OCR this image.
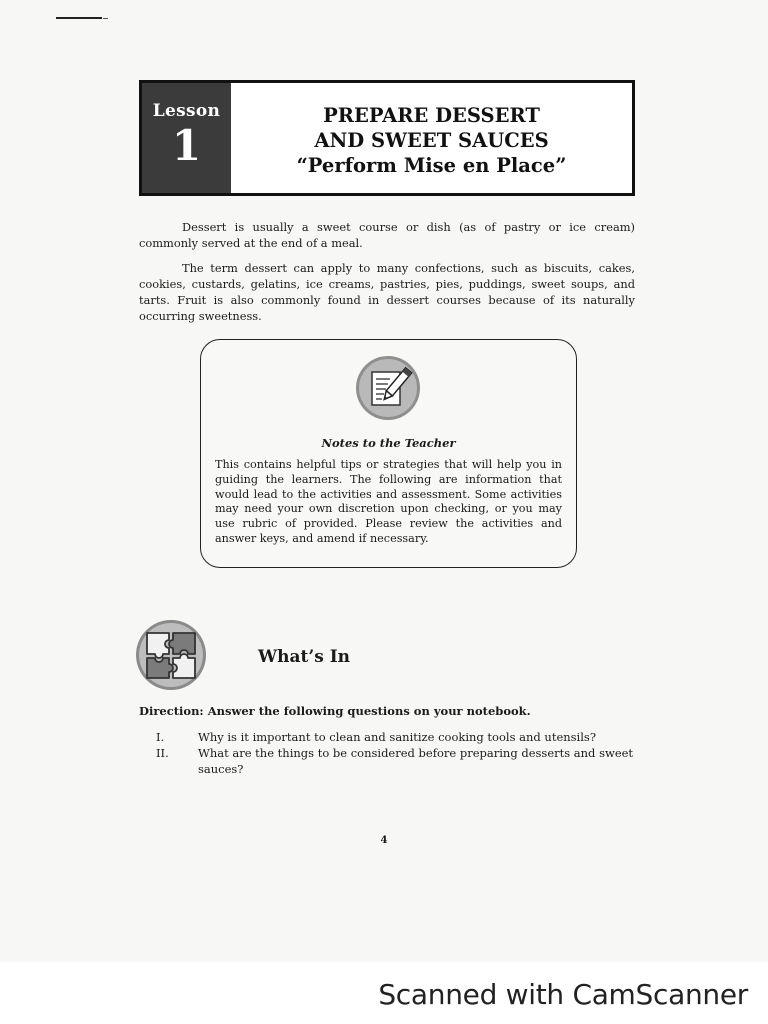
Lesson
1
PREPARE DESSERT
AND SWEET SAUCES
“Perform Mise en Place”

Dessert is usually a sweet course or dish (as of pastry or ice cream) commonly served at the end of a meal.

The term dessert can apply to many confections, such as biscuits, cakes, cookies, custards, gelatins, ice creams, pastries, pies, puddings, sweet soups, and tarts. Fruit is also commonly found in dessert courses because of its naturally occurring sweetness.

Notes to the Teacher

This contains helpful tips or strategies that will help you in guiding the learners. The following are information that would lead to the activities and assessment. Some activities may need your own discretion upon checking, or you may use rubric of provided. Please review the activities and answer keys, and amend if necessary.

What’s In
Direction: Answer the following questions on your notebook.
I.	Why is it important to clean and sanitize cooking tools and utensils?
II.	What are the things to be considered before preparing desserts and sweet sauces?
4
Scanned with CamScanner
